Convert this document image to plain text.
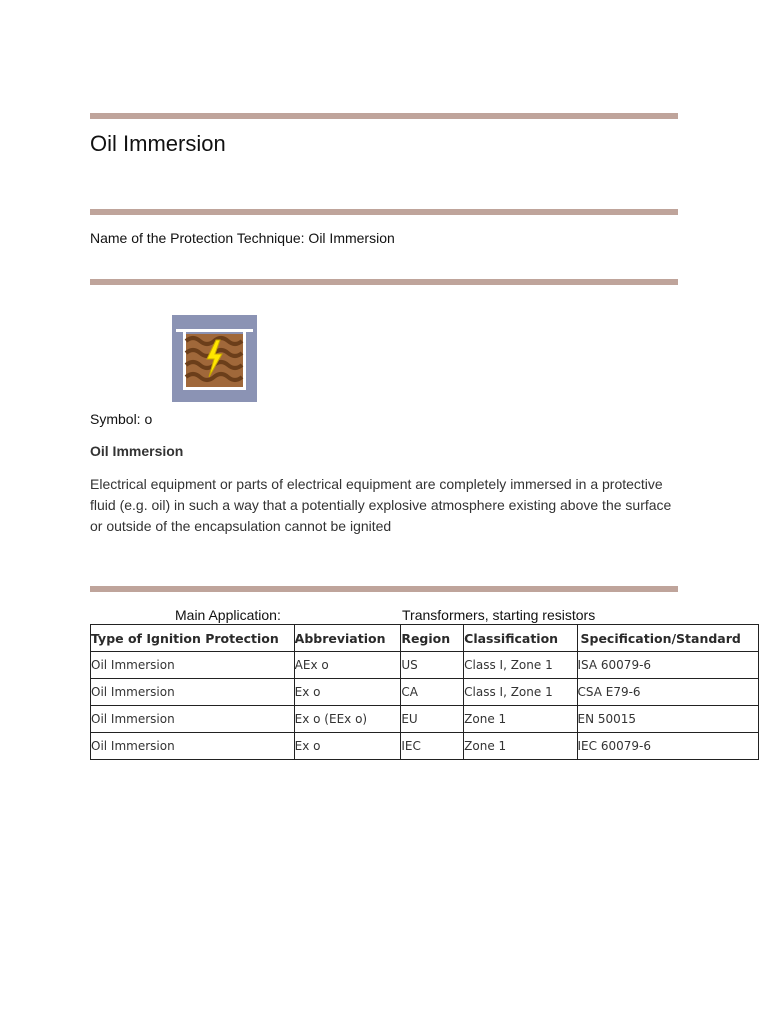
Oil Immersion
Name of the Protection Technique: Oil Immersion
Symbol: o
Oil Immersion

Electrical equipment or parts of electrical equipment are completely immersed in a protective fluid (e.g. oil) in such a way that a potentially explosive atmosphere existing above the surface or outside of the encapsulation cannot be ignited

Main Application:	Transformers, starting resistors
Type of Ignition Protection	Abbreviation	Region	Classification	Specification/Standard
Oil Immersion	AEx o	US	Class I, Zone 1	ISA 60079-6
Oil Immersion	Ex o	CA	Class I, Zone 1	CSA E79-6
Oil Immersion	Ex o (EEx o)	EU	Zone 1	EN 50015
Oil Immersion	Ex o	IEC	Zone 1	IEC 60079-6
